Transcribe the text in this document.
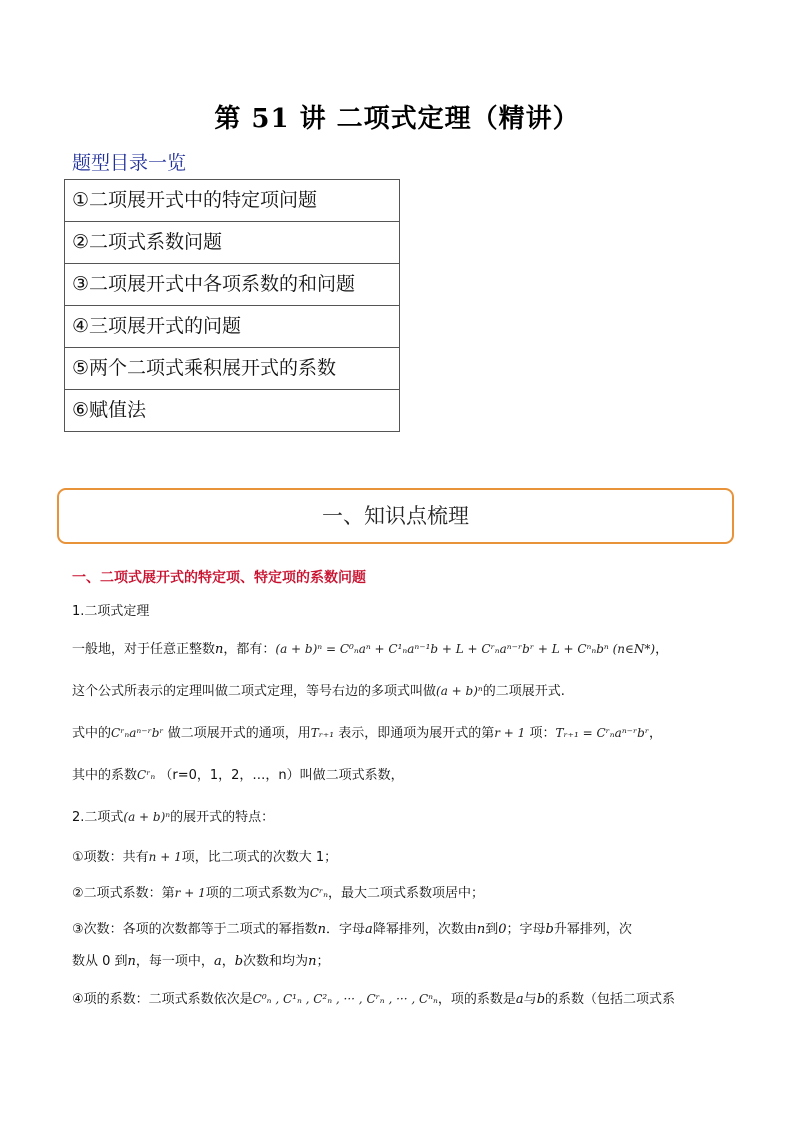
第 51 讲 二项式定理（精讲）
题型目录一览
①二项展开式中的特定项问题
②二项式系数问题
③二项展开式中各项系数的和问题
④三项展开式的问题
⑤两个二项式乘积展开式的系数
⑥赋值法
一、知识点梳理
一、二项式展开式的特定项、特定项的系数问题
1.二项式定理
一般地，对于任意正整数n，都有：(a + b)ⁿ = C⁰ₙaⁿ + C¹ₙaⁿ⁻¹b + L + Cʳₙaⁿ⁻ʳbʳ + L + Cⁿₙbⁿ (n∈N*)，
这个公式所表示的定理叫做二项式定理，等号右边的多项式叫做(a + b)ⁿ的二项展开式.
式中的Cʳₙaⁿ⁻ʳbʳ 做二项展开式的通项，用Tᵣ₊₁ 表示，即通项为展开式的第r + 1 项：Tᵣ₊₁ = Cʳₙaⁿ⁻ʳbʳ，
其中的系数Cʳₙ （r=0，1，2，…，n）叫做二项式系数，
2.二项式(a + b)ⁿ的展开式的特点：
①项数：共有n + 1项，比二项式的次数大 1；
②二项式系数：第r + 1项的二项式系数为Cʳₙ，最大二项式系数项居中；
③次数：各项的次数都等于二项式的幂指数n．字母a降幂排列，次数由n到0；字母b升幂排列，次
数从 0 到n，每一项中，a，b次数和均为n；
④项的系数：二项式系数依次是C⁰ₙ , C¹ₙ , C²ₙ , ··· , Cʳₙ , ··· , Cⁿₙ，项的系数是a与b的系数（包括二项式系
